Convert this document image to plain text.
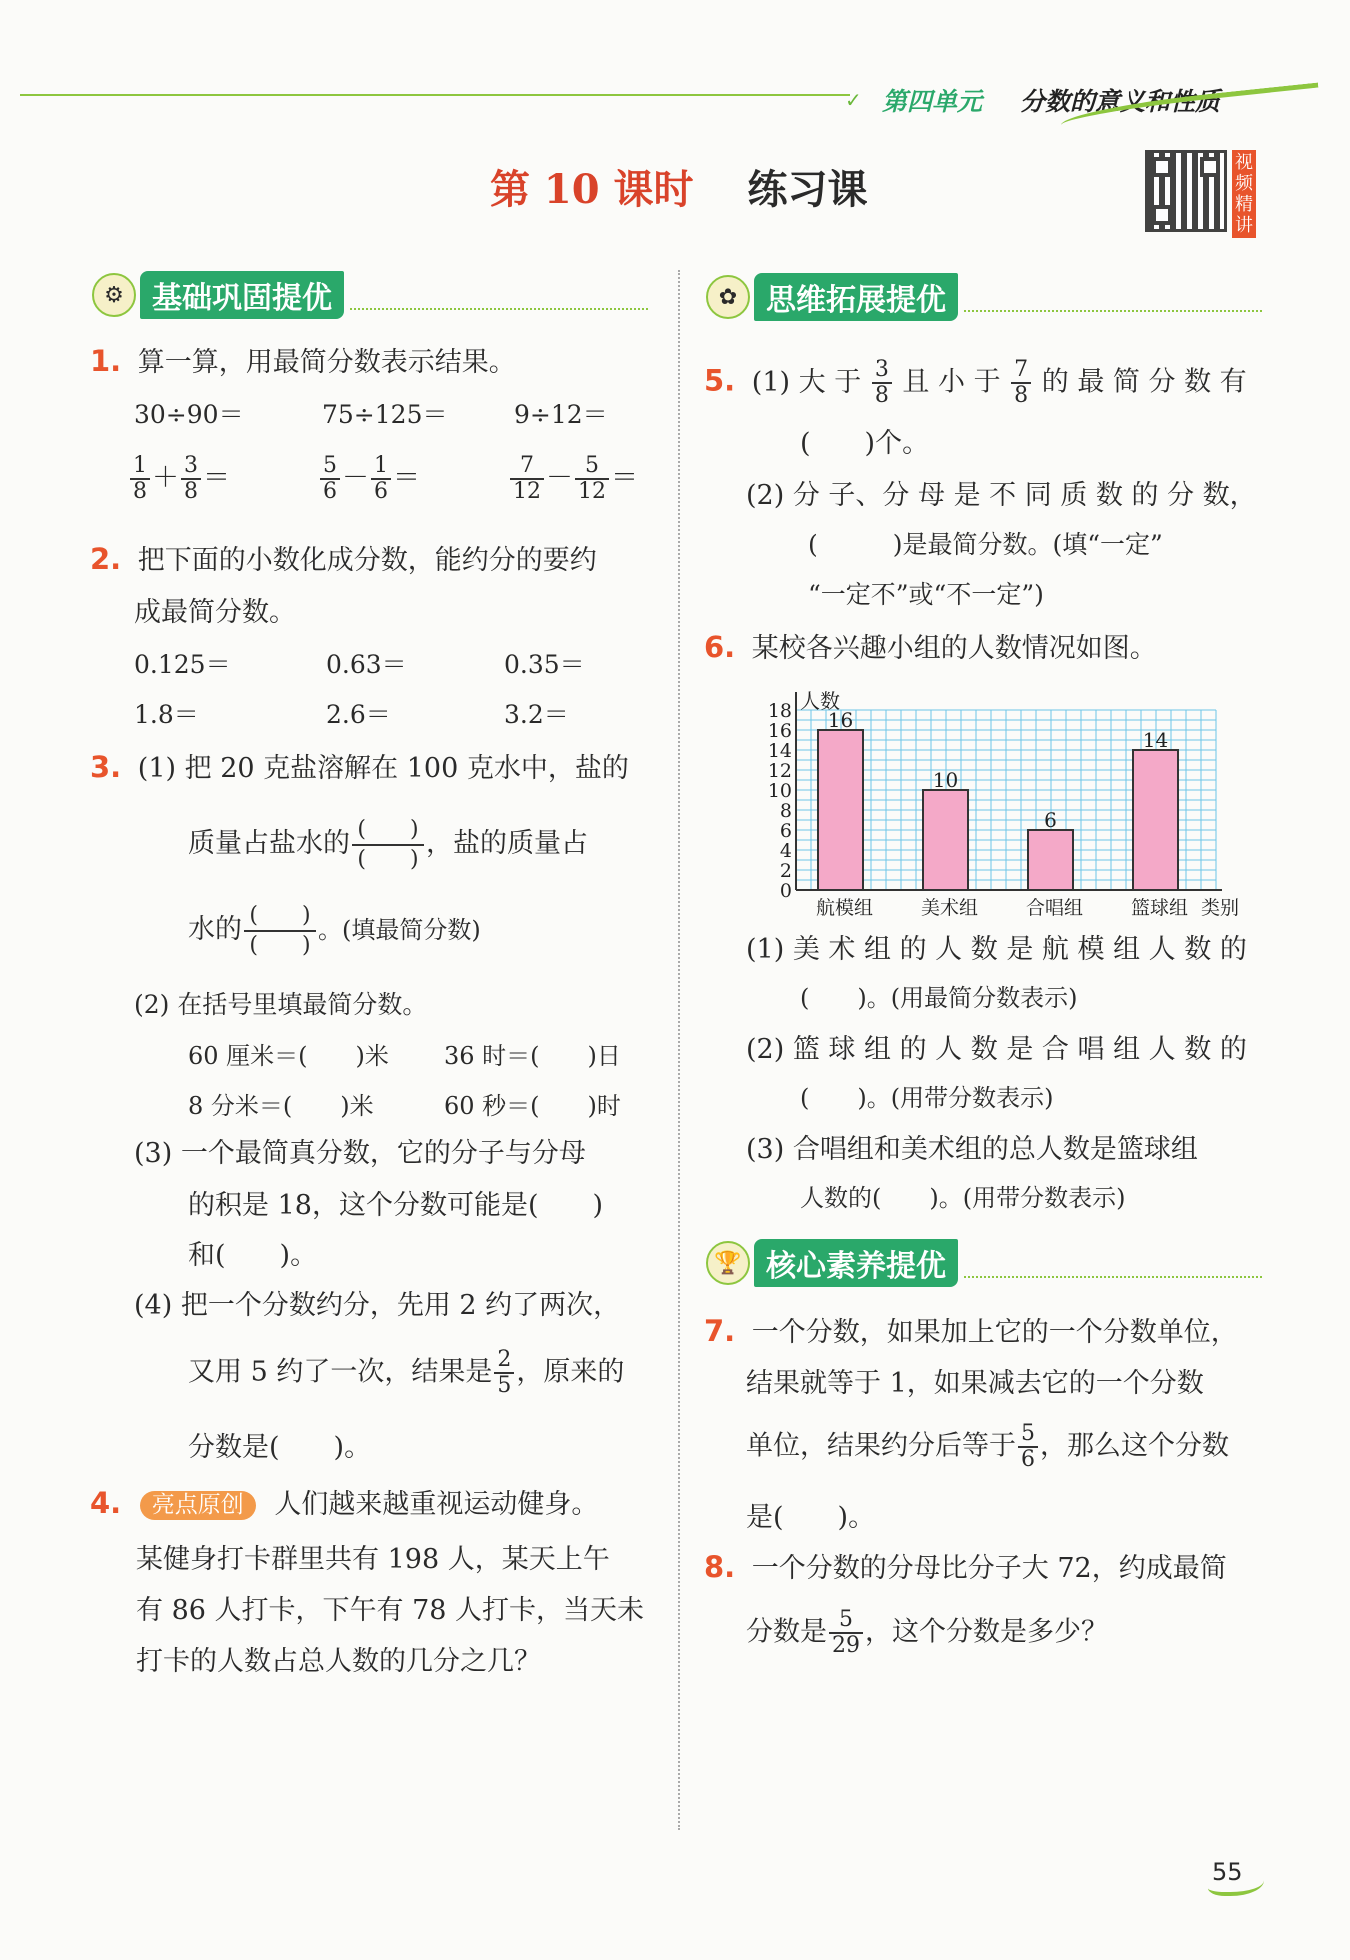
✓ 第四单元 分数的意义和性质
第 10 课时 练习课
视频精讲
⚙ 基础巩固提优
1. 算一算，用最简分数表示结果。
30÷90＝	75÷125＝	9÷12＝
$\frac{1}{8} + \frac{3}{8}$ ＝	$\frac{5}{6} - \frac{1}{6}$ ＝	$\frac{7}{12} - \frac{5}{12}$ ＝
2. 把下面的小数化成分数，能约分的要约
成最简分数。
0.125＝	0.63＝	0.35＝
1.8＝	2.6＝	3.2＝
3. (1) 把 20 克盐溶解在 100 克水中，盐的
质量占盐水的 (　　)
(　　) ，盐的质量占
水的 (　　)
(　　)
。(填最简分数)
(2) 在括号里填最简分数。
60 厘米＝(　　)米 36 时＝(　　)日
8 分米＝(　　)米	60 秒＝(　　)时
(3) 一个最简真分数，它的分子与分母
的积是 18，这个分数可能是(　　)
和(　　)。
(4) 把一个分数约分，先用 2 约了两次，
又用 5 约了一次，结果是 $\frac{2}{5}$ ，原来的
分数是(　　)。
4. 亮点原创 人们越来越重视运动健身。
某健身打卡群里共有 198 人，某天上午
有 86 人打卡，下午有 78 人打卡，当天未
打卡的人数占总人数的几分之几？
✿ 思维拓展提优
5. (1) 大 于 $\frac{3}{8}$ 且 小 于 $\frac{7}{8}$ 的 最 简 分 数 有
(　　)个。
(2) 分 子、分 母 是 不 同 质 数 的 分 数，
(　　　)是最简分数。(填“一定”
“一定不”或“不一定”)
6. 某校各兴趣小组的人数情况如图。
0
2
4
6
8
10
12
14
16
18 人数
16
航模组
10
美术组
6
合唱组
14
篮球组 类别
(1) 美 术 组 的 人 数 是 航 模 组 人 数 的
(　　)。(用最简分数表示)
(2) 篮 球 组 的 人 数 是 合 唱 组 人 数 的
(　　)。(用带分数表示)
(3) 合唱组和美术组的总人数是篮球组
人数的(　　)。(用带分数表示)
🏆 核心素养提优
7. 一个分数，如果加上它的一个分数单位，
结果就等于 1，如果减去它的一个分数
单位，结果约分后等于 $\frac{5}{6}$ ，那么这个分数
是(　　)。
8. 一个分数的分母比分子大 72，约成最简
分数是 $\frac{5}{29}$ ，这个分数是多少？
55
